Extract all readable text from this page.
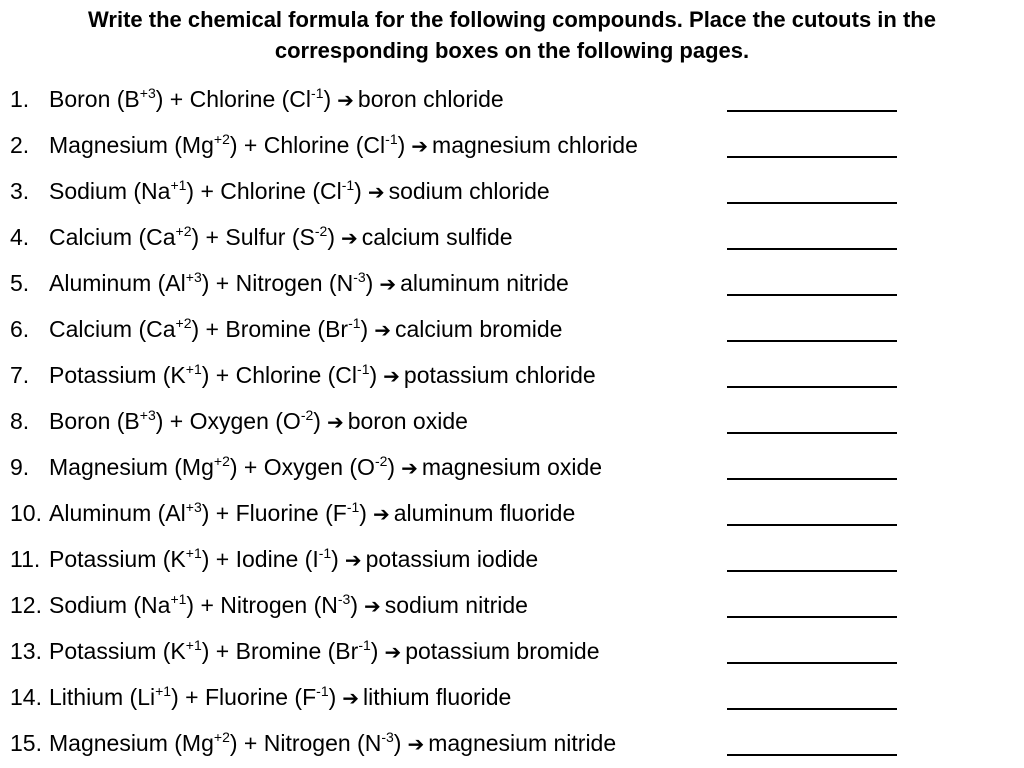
Write the chemical formula for the following compounds. Place the cutouts in the
corresponding boxes on the following pages.
1. Boron $(B^{+3})$ + Chlorine $(Cl^{-1})$ ➔ boron chloride
2. Magnesium $(Mg^{+2})$ + Chlorine $(Cl^{-1})$ ➔ magnesium chloride
3. Sodium $(Na^{+1})$ + Chlorine $(Cl^{-1})$ ➔ sodium chloride
4. Calcium $(Ca^{+2})$ + Sulfur $(S^{-2})$ ➔ calcium sulfide
5. Aluminum $(Al^{+3})$ + Nitrogen $(N^{-3})$ ➔ aluminum nitride
6. Calcium $(Ca^{+2}) + Bromine$ $(Br^{-1})$ ➔ calcium bromide
7. Potassium $(K^{+1})$ + Chlorine $(Cl^{-1})$ ➔ potassium chloride
8. Boron $(B^{+3})$ + Oxygen $(O^{-2})$ ➔ boron oxide
9. Magnesium $(Mg^{+2})$ + Oxygen $(O^{-2})$ ➔ magnesium oxide
10. Aluminum $(Al^{+3})$ + Fluorine $(F^{-1})$ ➔ aluminum fluoride
11. Potassium $(K^{+1})$ + Iodine $(I^{-1})$ ➔ potassium iodide
12. Sodium $(Na^{+1})$ + Nitrogen $(N^{-3})$ ➔ sodium nitride
13. Potassium $(K^{+1}) + Bromine$ $(Br^{-1})$ ➔ potassium bromide
14. Lithium $(Li^{+1})$ + Fluorine $(F^{-1})$ ➔ lithium fluoride
15. Magnesium $(Mg^{+2})$ + Nitrogen $(N^{-3})$ ➔ magnesium nitride
